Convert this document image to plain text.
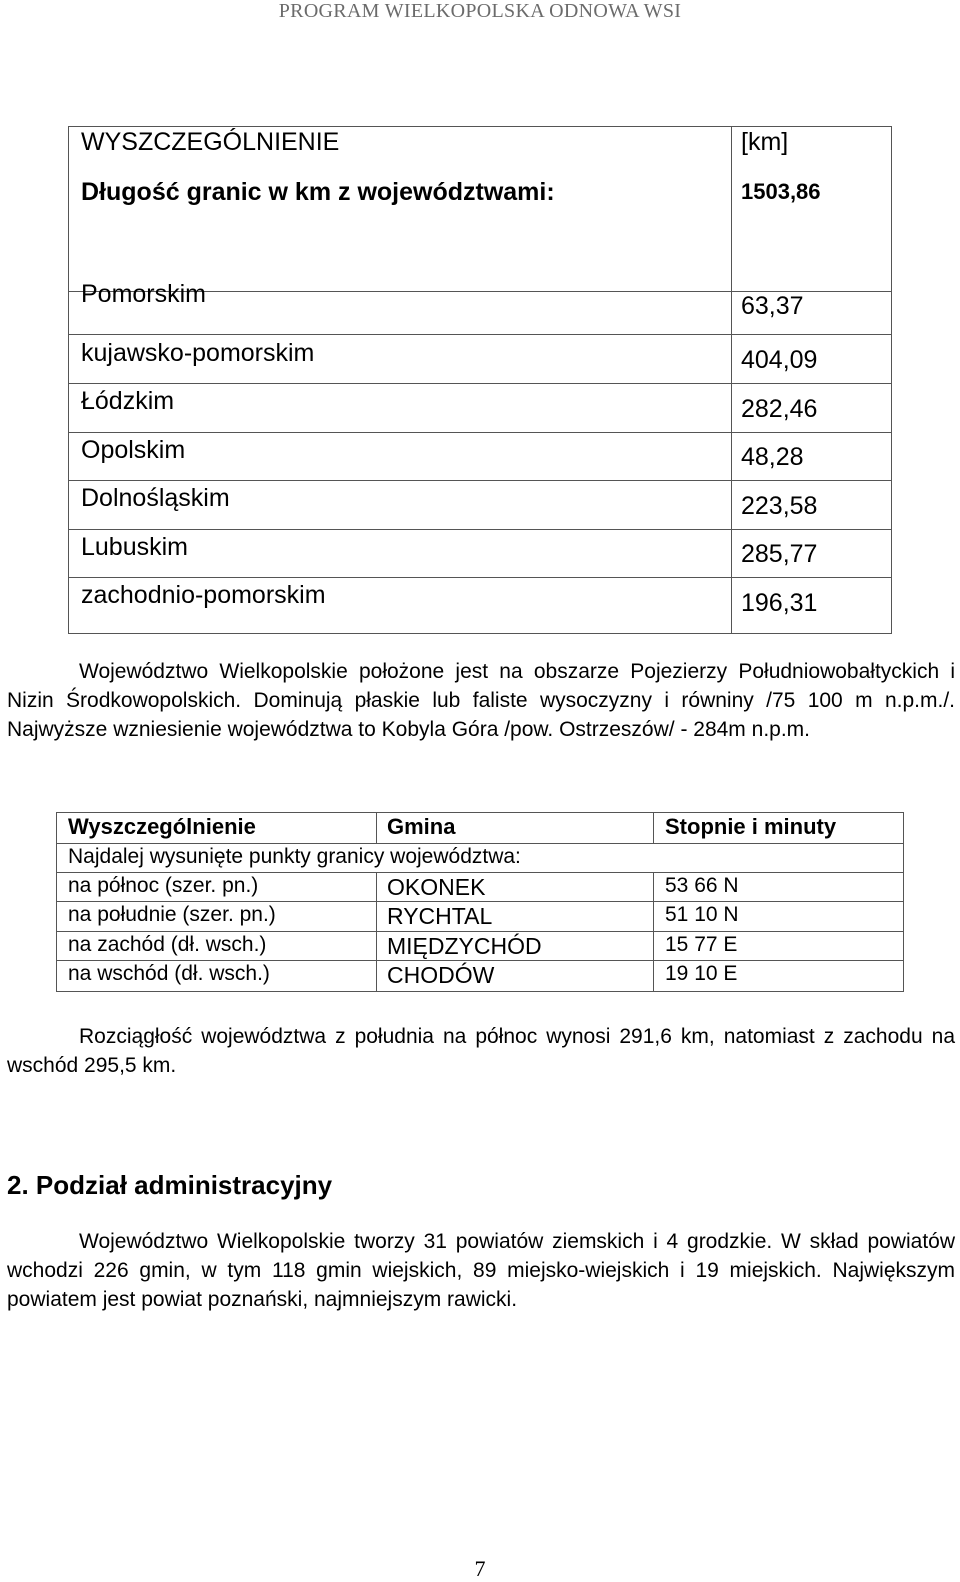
PROGRAM WIELKOPOLSKA ODNOWA WSI
WYSZCZEGÓLNIENIE	[km]
Długość granic w km z województwami:	1503,86
Pomorskim	63,37
kujawsko-pomorskim	404,09
Łódzkim	282,46
Opolskim	48,28
Dolnośląskim	223,58
Lubuskim	285,77
zachodnio-pomorskim	196,31
Województwo Wielkopolskie położone jest na obszarze Pojezierzy Południowobałtyckich i Nizin Środkowopolskich. Dominują płaskie lub faliste wysoczyzny i równiny /75 100 m n.p.m./. Najwyższe wzniesienie województwa to Kobyla Góra /pow. Ostrzeszów/ - 284m n.p.m.
Wyszczególnienie	Gmina	Stopnie i minuty
Najdalej wysunięte punkty granicy województwa:
na północ (szer. pn.)	OKONEK	53 66 N
na południe (szer. pn.)	RYCHTAL	51 10 N
na zachód (dł. wsch.)	MIĘDZYCHÓD	15 77 E
na wschód (dł. wsch.)	CHODÓW	19 10 E
Rozciągłość województwa z południa na północ wynosi 291,6 km, natomiast z zachodu na wschód 295,5 km.
2. Podział administracyjny
Województwo Wielkopolskie tworzy 31 powiatów ziemskich i 4 grodzkie. W skład powiatów wchodzi 226 gmin, w tym 118 gmin wiejskich, 89 miejsko-wiejskich i 19 miejskich. Największym powiatem jest powiat poznański, najmniejszym rawicki.
7
